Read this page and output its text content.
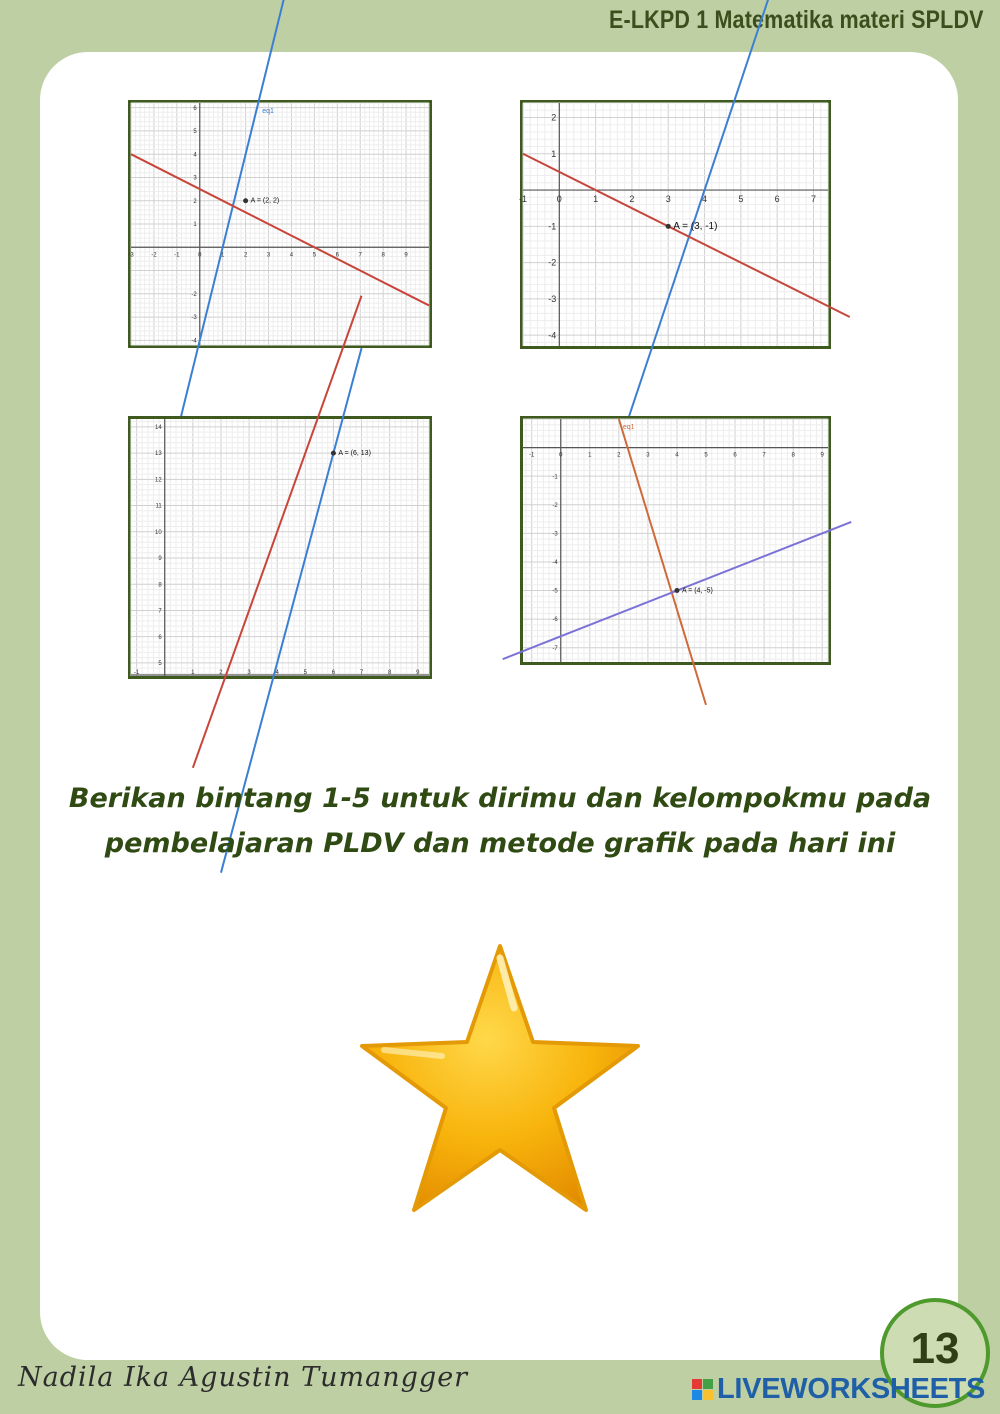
E-LKPD 1 Matematika materi SPLDV
-3	-2	-1	0	1	2	3	4	5	6	7	8	9
-4
-3
-2
1
2
3
4
5
6	eq1
A = (2, 2)	-1	0	1	2	3	4	5	6	7
-4
-3
-2
-1
1
2
A = (3, -1)
-1	1	2	3	4	5	6	7	8	9
5
6
7
8
9
10
11
12
13
14
A = (6, 13)	-1	0	1	2	3	4	5	6	7	8	9
-7
-6
-5
-4
-3
-2
-1
eq1
A = (4, -5)
Berikan bintang 1-5 untuk dirimu dan kelompokmu pada
pembelajaran PLDV dan metode grafik pada hari ini
Nadila Ika Agustin Tumangger
13
LIVEWORKSHEETS
